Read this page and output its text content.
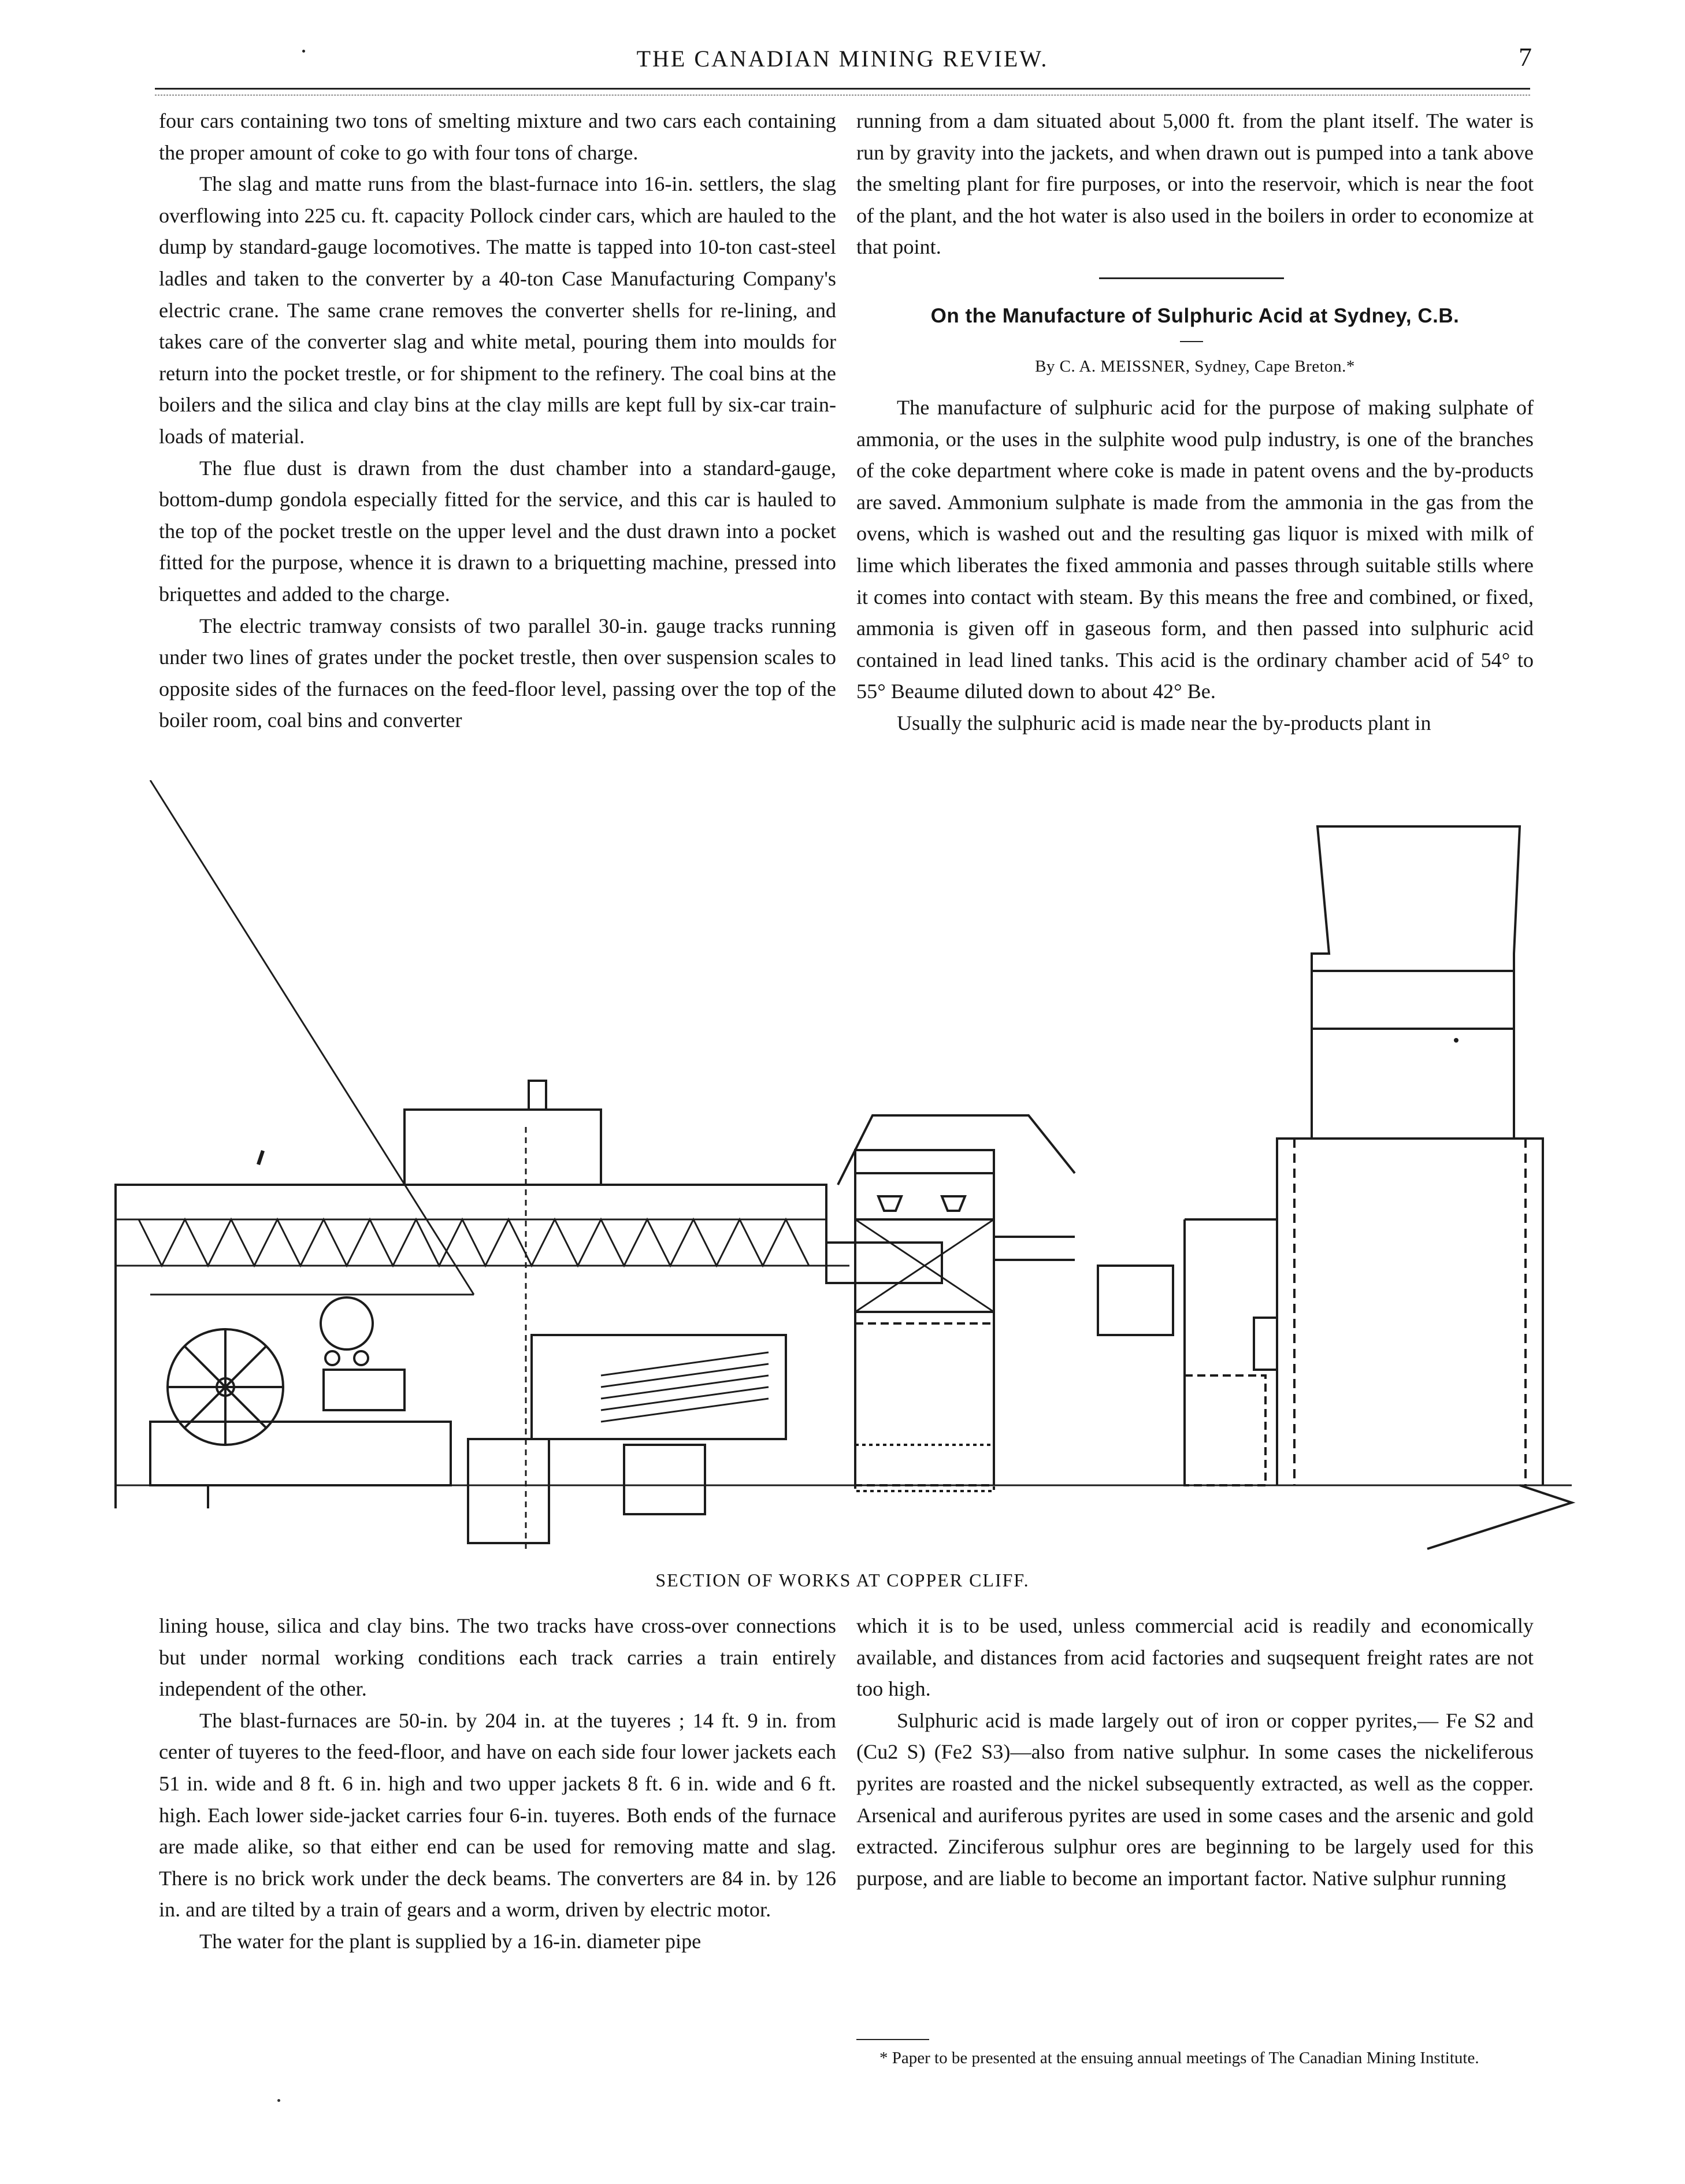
THE CANADIAN MINING REVIEW.	7

four cars containing two tons of smelting mixture and two cars each containing the proper amount of coke to go with four tons of charge.

The slag and matte runs from the blast-furnace into 16-in. settlers, the slag overflowing into 225 cu. ft. capacity Pollock cinder cars, which are hauled to the dump by standard-gauge locomotives. The matte is tapped into 10-ton cast-steel ladles and taken to the converter by a 40-ton Case Manufacturing Company's electric crane. The same crane removes the converter shells for re-lining, and takes care of the converter slag and white metal, pouring them into moulds for return into the pocket trestle, or for shipment to the refinery. The coal bins at the boilers and the silica and clay bins at the clay mills are kept full by six-car train-loads of material.

The flue dust is drawn from the dust chamber into a standard-gauge, bottom-dump gondola especially fitted for the service, and this car is hauled to the top of the pocket trestle on the upper level and the dust drawn into a pocket fitted for the purpose, whence it is drawn to a briquetting machine, pressed into briquettes and added to the charge.

The electric tramway consists of two parallel 30-in. gauge tracks running under two lines of grates under the pocket trestle, then over suspension scales to opposite sides of the furnaces on the feed-floor level, passing over the top of the boiler room, coal bins and converter

running from a dam situated about 5,000 ft. from the plant itself. The water is run by gravity into the jackets, and when drawn out is pumped into a tank above the smelting plant for fire purposes, or into the reservoir, which is near the foot of the plant, and the hot water is also used in the boilers in order to economize at that point.

On the Manufacture of Sulphuric Acid at Sydney, C.B.
By C. A. MEISSNER, Sydney, Cape Breton.*

The manufacture of sulphuric acid for the purpose of making sulphate of ammonia, or the uses in the sulphite wood pulp industry, is one of the branches of the coke department where coke is made in patent ovens and the by-products are saved. Ammonium sulphate is made from the ammonia in the gas from the ovens, which is washed out and the resulting gas liquor is mixed with milk of lime which liberates the fixed ammonia and passes through suitable stills where it comes into contact with steam. By this means the free and combined, or fixed, ammonia is given off in gaseous form, and then passed into sulphuric acid contained in lead lined tanks. This acid is the ordinary chamber acid of 54° to 55° Beaume diluted down to about 42° Be.

Usually the sulphuric acid is made near the by-products plant in

SECTION OF WORKS AT COPPER CLIFF.

lining house, silica and clay bins. The two tracks have cross-over connections but under normal working conditions each track carries a train entirely independent of the other.

The blast-furnaces are 50-in. by 204 in. at the tuyeres ; 14 ft. 9 in. from center of tuyeres to the feed-floor, and have on each side four lower jackets each 51 in. wide and 8 ft. 6 in. high and two upper jackets 8 ft. 6 in. wide and 6 ft. high. Each lower side-jacket carries four 6-in. tuyeres. Both ends of the furnace are made alike, so that either end can be used for removing matte and slag. There is no brick work under the deck beams. The converters are 84 in. by 126 in. and are tilted by a train of gears and a worm, driven by electric motor.

The water for the plant is supplied by a 16-in. diameter pipe

which it is to be used, unless commercial acid is readily and economically available, and distances from acid factories and suqsequent freight rates are not too high.

Sulphuric acid is made largely out of iron or copper pyrites,— Fe S2 and (Cu2 S) (Fe2 S3)—also from native sulphur. In some cases the nickeliferous pyrites are roasted and the nickel subsequently extracted, as well as the copper. Arsenical and auriferous pyrites are used in some cases and the arsenic and gold extracted. Zinciferous sulphur ores are beginning to be largely used for this purpose, and are liable to become an important factor. Native sulphur running

* Paper to be presented at the ensuing annual meetings of The Canadian Mining Institute.
